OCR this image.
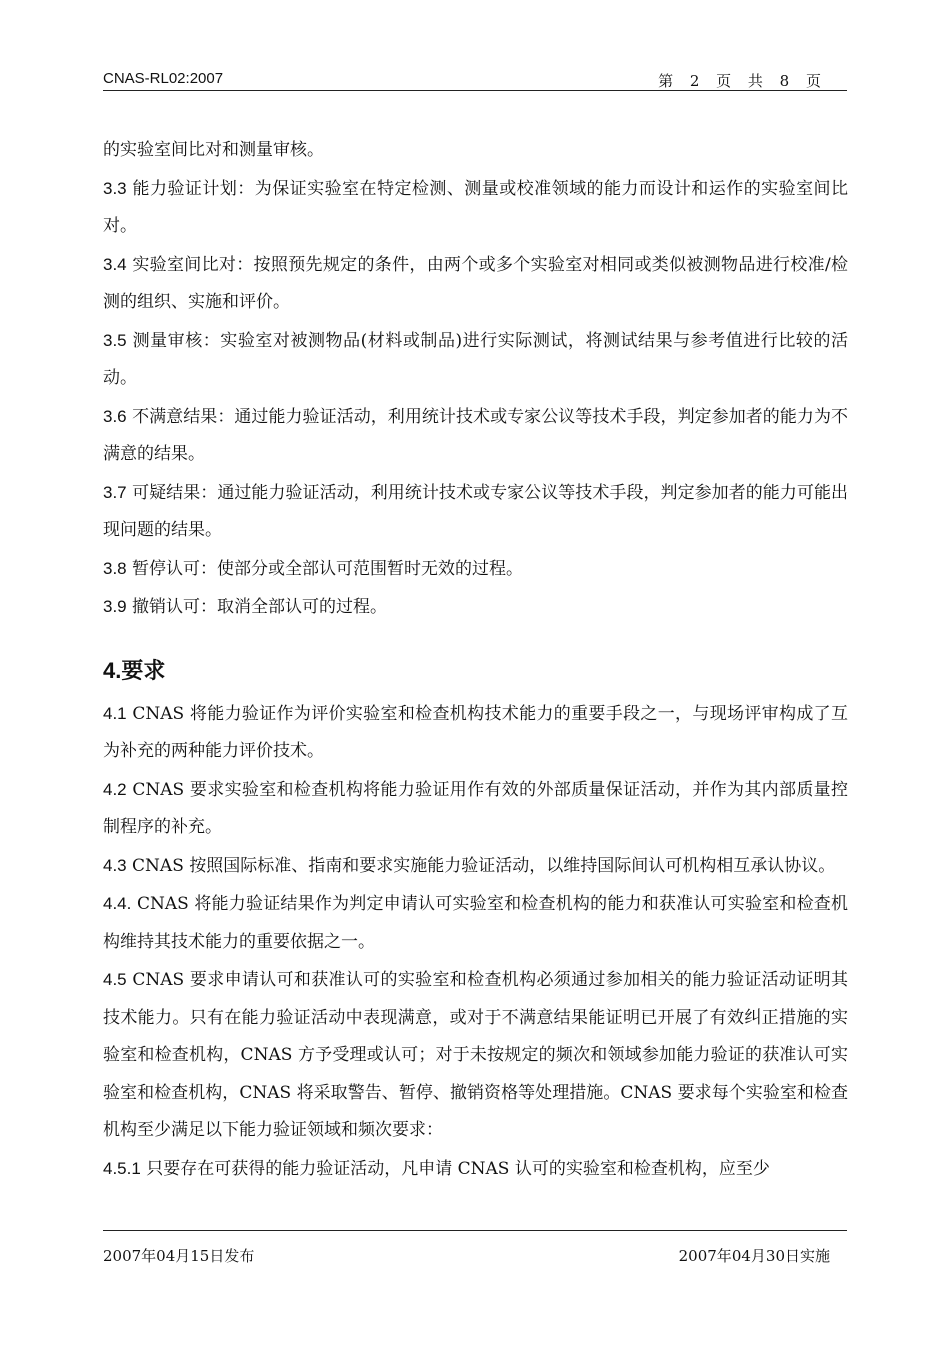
CNAS-RL02:2007	第 2 页 共 8 页

的实验室间比对和测量审核。

3.3 能力验证计划：为保证实验室在特定检测、测量或校准领域的能力而设计和运作的实验室间比对。

3.4 实验室间比对：按照预先规定的条件，由两个或多个实验室对相同或类似被测物品进行校准/检测的组织、实施和评价。

3.5 测量审核：实验室对被测物品(材料或制品)进行实际测试，将测试结果与参考值进行比较的活动。

3.6 不满意结果：通过能力验证活动，利用统计技术或专家公议等技术手段，判定参加者的能力为不满意的结果。

3.7 可疑结果：通过能力验证活动，利用统计技术或专家公议等技术手段，判定参加者的能力可能出现问题的结果。

3.8 暂停认可：使部分或全部认可范围暂时无效的过程。

3.9 撤销认可：取消全部认可的过程。

4.要求

4.1 CNAS 将能力验证作为评价实验室和检查机构技术能力的重要手段之一，与现场评审构成了互为补充的两种能力评价技术。

4.2 CNAS 要求实验室和检查机构将能力验证用作有效的外部质量保证活动，并作为其内部质量控制程序的补充。

4.3 CNAS 按照国际标准、指南和要求实施能力验证活动，以维持国际间认可机构相互承认协议。

4.4. CNAS 将能力验证结果作为判定申请认可实验室和检查机构的能力和获准认可实验室和检查机构维持其技术能力的重要依据之一。

4.5 CNAS 要求申请认可和获准认可的实验室和检查机构必须通过参加相关的能力验证活动证明其技术能力。只有在能力验证活动中表现满意，或对于不满意结果能证明已开展了有效纠正措施的实验室和检查机构，CNAS 方予受理或认可；对于未按规定的频次和领域参加能力验证的获准认可实验室和检查机构，CNAS 将采取警告、暂停、撤销资格等处理措施。CNAS 要求每个实验室和检查机构至少满足以下能力验证领域和频次要求：

4.5.1 只要存在可获得的能力验证活动，凡申请 CNAS 认可的实验室和检查机构，应至少

2007年04月15日发布	2007年04月30日实施
